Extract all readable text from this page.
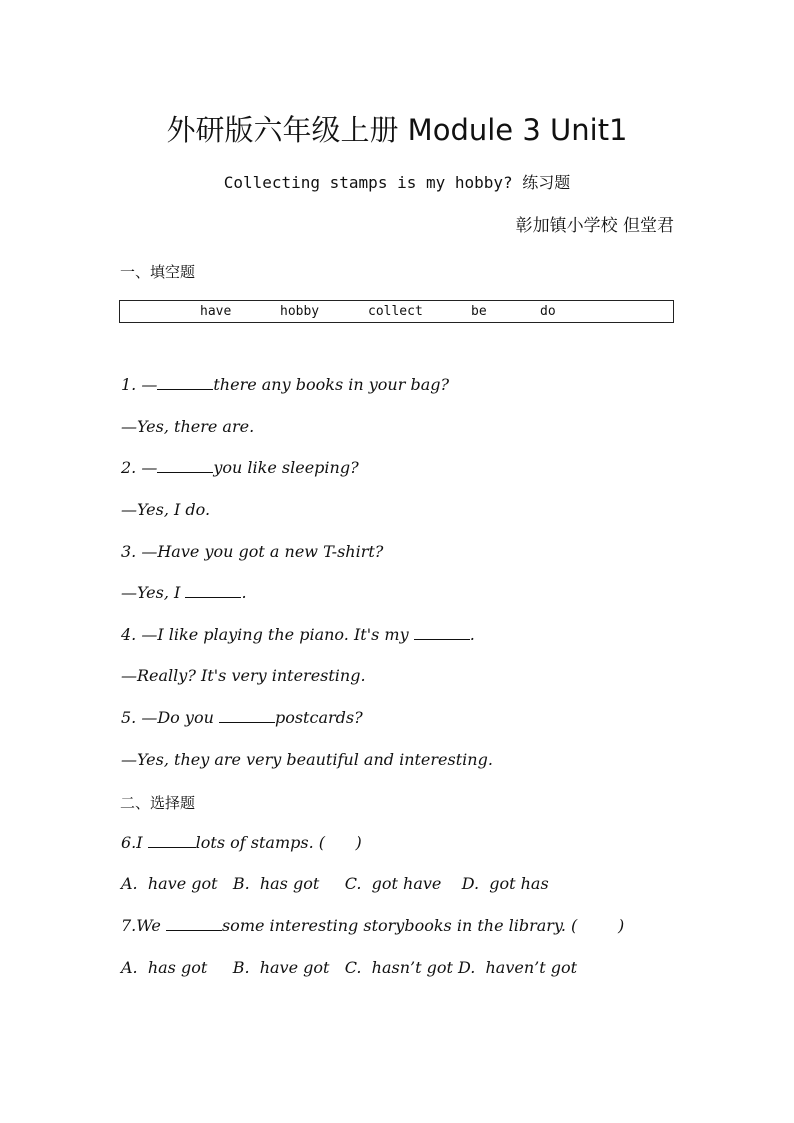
外研版六年级上册 Module 3 Unit1
Collecting stamps is my hobby? 练习题
彰加镇小学校 但堂君
一、填空题
have	hobby	collect	be	do
1. —	there any books in your bag?
—Yes, there are.
2. —	you like sleeping?
—Yes, I do.
3. —Have you got a new T-shirt?
—Yes, I	.
4. —I like playing the piano. It's my	.
—Really? It's very interesting.
5. —Do you	postcards?
—Yes, they are very beautiful and interesting.
二、选择题
6.I	lots of stamps. (      )
A.  have got   B.  has got     C.  got have    D.  got has
7.We	some interesting storybooks in the library. (        )
A.  has got     B.  have got   C.  hasn’t got D.  haven’t got
